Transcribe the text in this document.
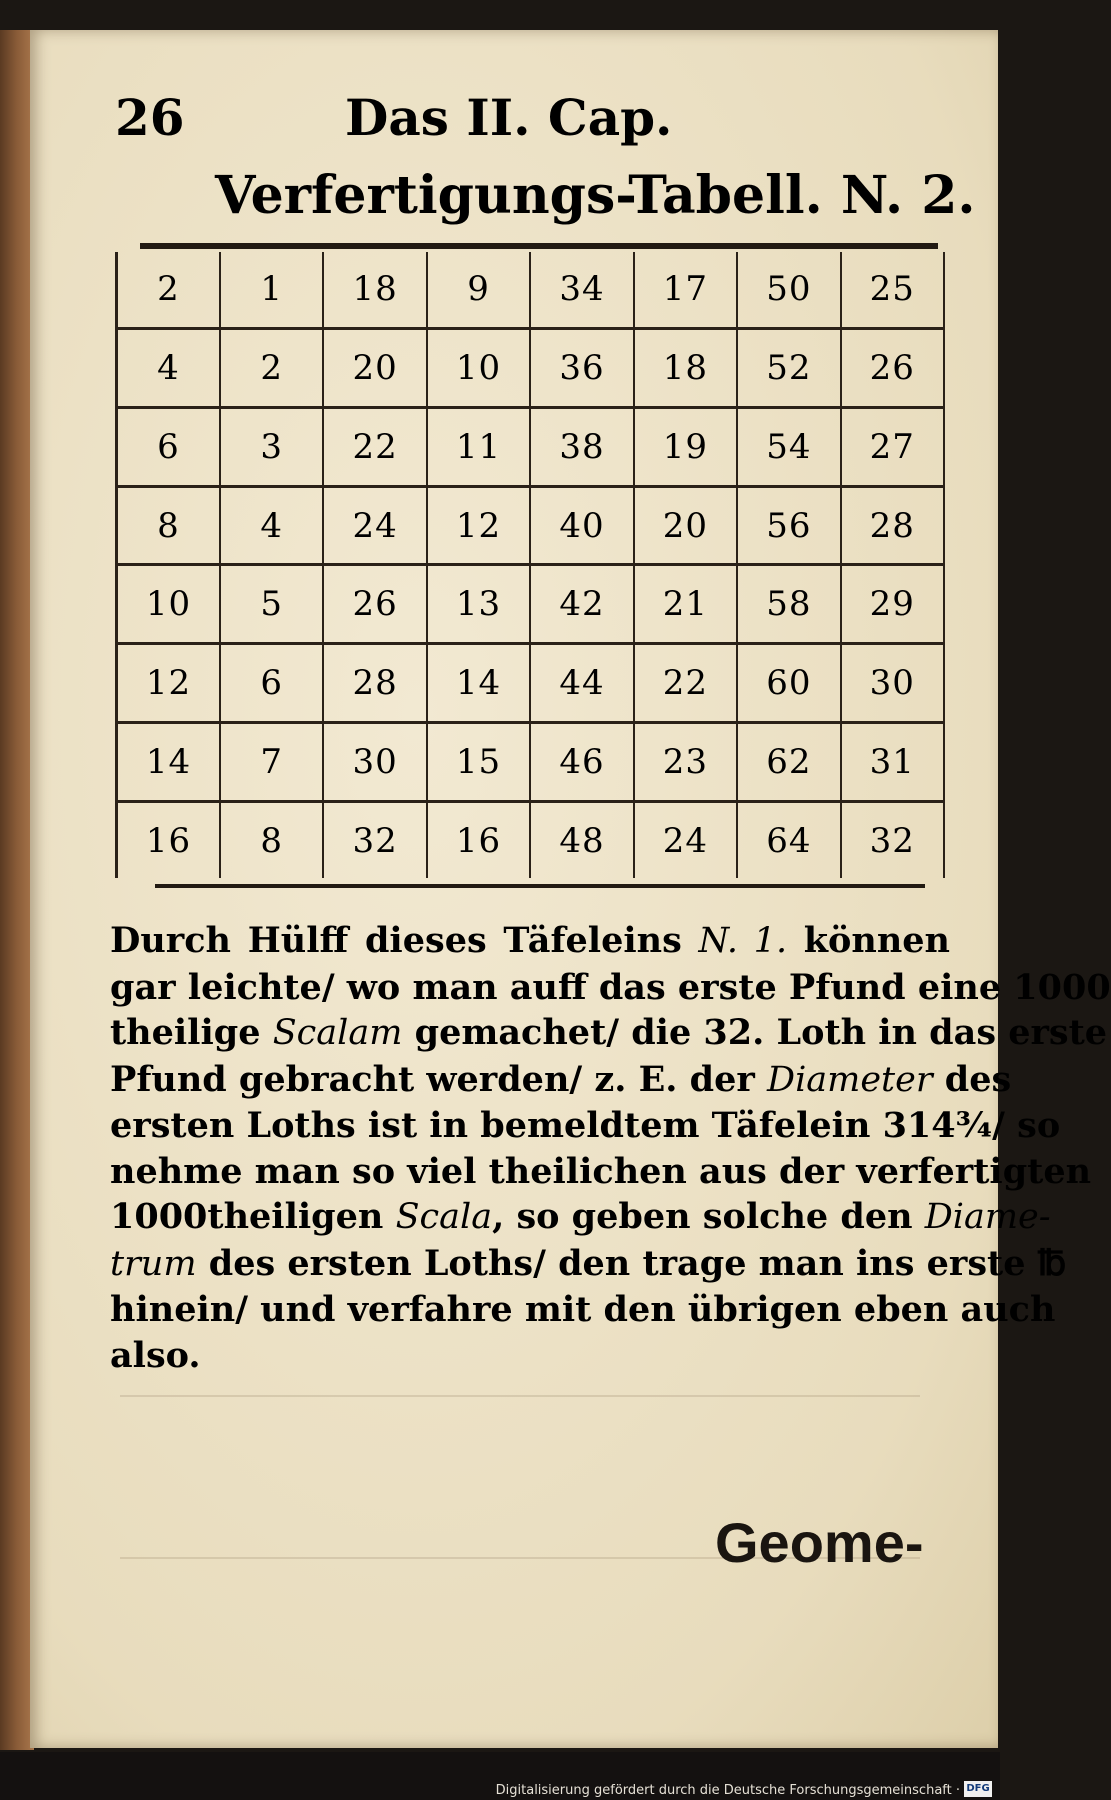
26	Das II. Cap.
Verfertigungs-Tabell. N. 2.
2	1	18	9	34	17	50	25
4	2	20	10	36	18	52	26
6	3	22	11	38	19	54	27
8	4	24	12	40	20	56	28
10	5	26	13	42	21	58	29
12	6	28	14	44	22	60	30
14	7	30	15	46	23	62	31
16	8	32	16	48	24	64	32
Durch Hülff dieses Täfeleins N. 1. können
gar leichte/ wo man auff das erste Pfund eine 1000
theilige Scalam gemachet/ die 32. Loth in das erste
Pfund gebracht werden/ z. E. der Diameter des
ersten Loths ist in bemeldtem Täfelein 314¾/ so
nehme man so viel theilichen aus der verfertigten
1000theiligen Scala, so geben solche den Diame-
trum des ersten Loths/ den trage man ins erste ℔
hinein/ und verfahre mit den übrigen eben auch
also.
Geome-
Digitalisierung gefördert durch die Deutsche Forschungsgemeinschaft · DFG
